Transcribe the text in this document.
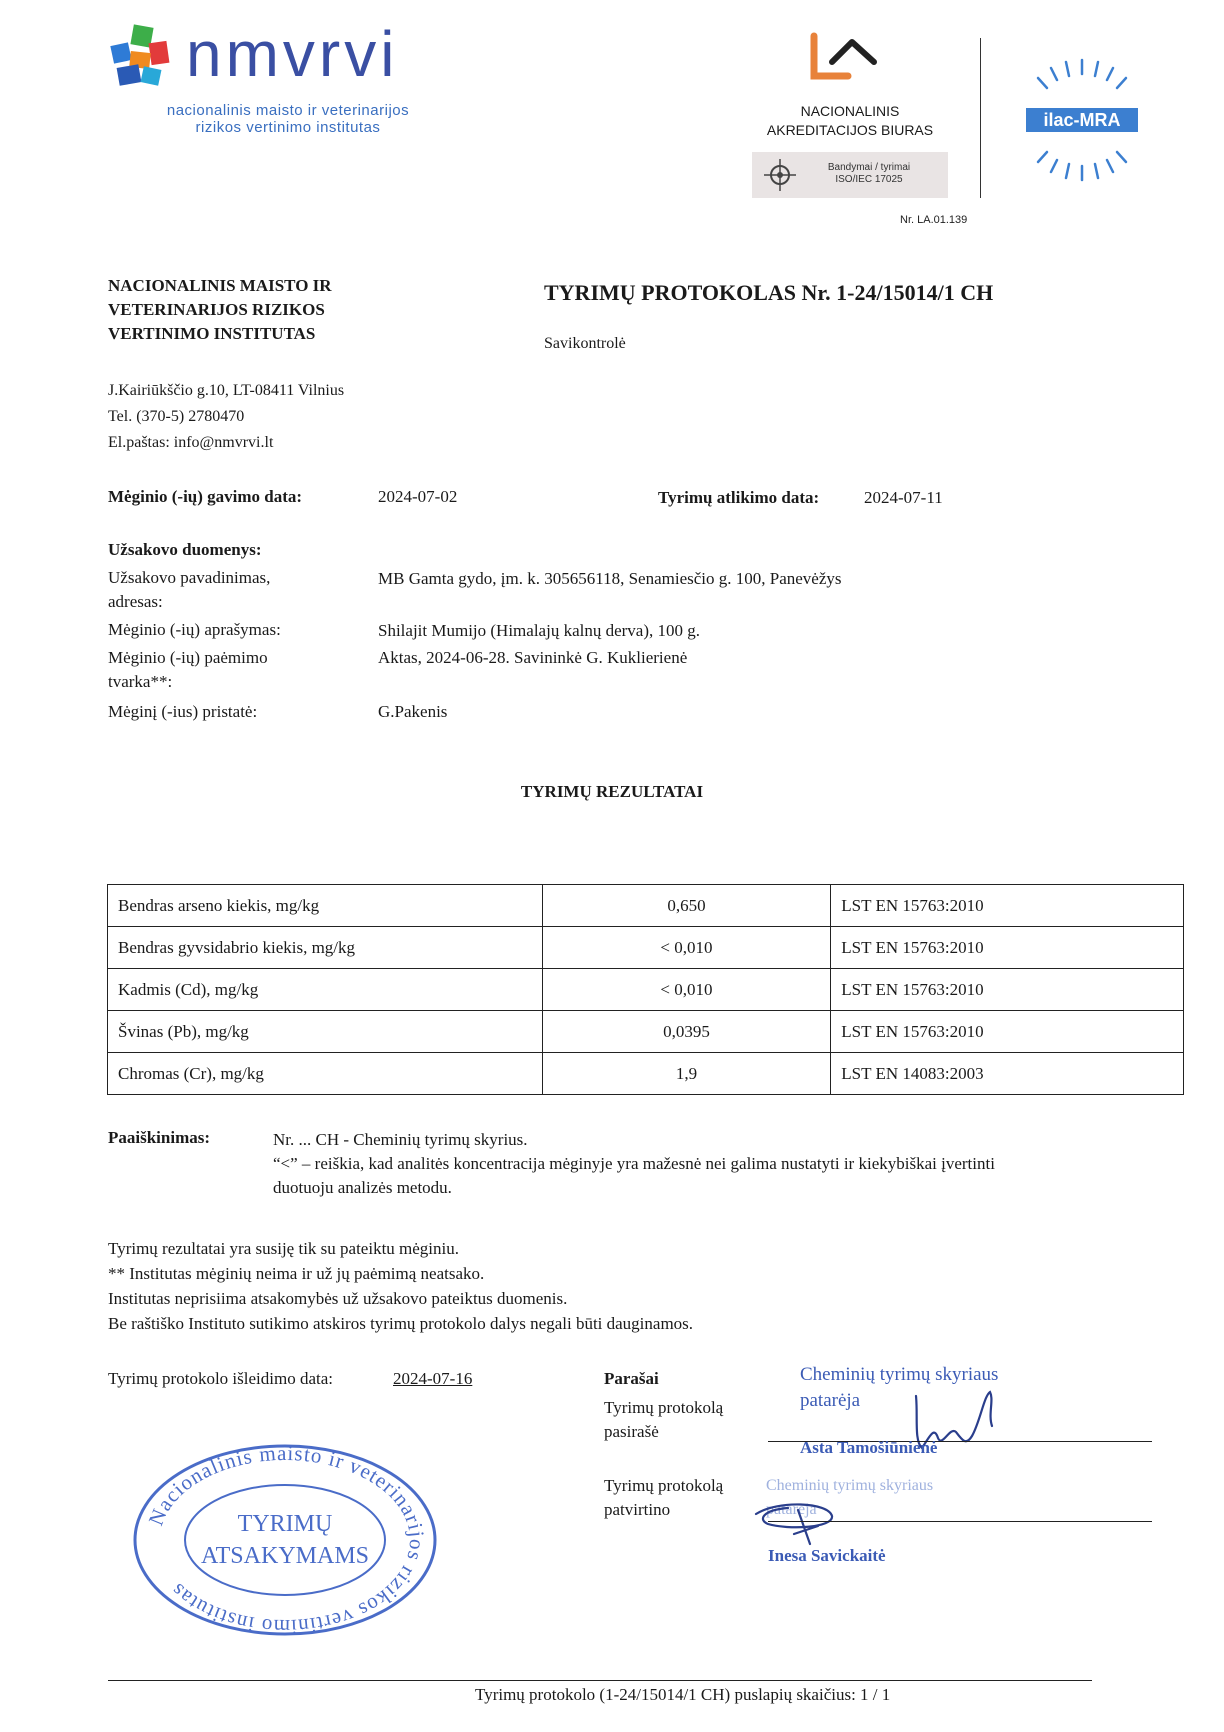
nmvrvi
nacionalinis maisto ir veterinarijos
rizikos vertinimo institutas
NACIONALINIS
AKREDITACIJOS BIURAS
Bandymai / tyrimai
ISO/IEC 17025
Nr. LA.01.139
ilac-MRA
NACIONALINIS MAISTO IR
VETERINARIJOS RIZIKOS
VERTINIMO INSTITUTAS
TYRIMŲ PROTOKOLAS Nr. 1-24/15014/1 CH
Savikontrolė
J.Kairiūkščio g.10, LT-08411 Vilnius
Tel. (370-5) 2780470
El.paštas: info@nmvrvi.lt
Mėginio (-ių) gavimo data:	2024-07-02	Tyrimų atlikimo data:	2024-07-11
Užsakovo duomenys:
Užsakovo pavadinimas,
adresas:
MB Gamta gydo, įm. k. 305656118, Senamiesčio g. 100, Panevėžys
Mėginio (-ių) aprašymas:	Shilajit Mumijo (Himalajų kalnų derva), 100 g.
Mėginio (-ių) paėmimo
tvarka**:
Aktas, 2024-06-28. Savininkė G. Kuklierienė
Mėginį (-ius) pristatė:	G.Pakenis
TYRIMŲ REZULTATAI
Bendras arseno kiekis, mg/kg	0,650	LST EN 15763:2010
Bendras gyvsidabrio kiekis, mg/kg	< 0,010	LST EN 15763:2010
Kadmis (Cd), mg/kg	< 0,010	LST EN 15763:2010
Švinas (Pb), mg/kg	0,0395	LST EN 15763:2010
Chromas (Cr), mg/kg	1,9	LST EN 14083:2003
Paaiškinimas:	Nr. ... CH - Cheminių tyrimų skyrius.
“<” – reiškia, kad analitės koncentracija mėginyje yra mažesnė nei galima nustatyti ir kiekybiškai įvertinti
duotuoju analizės metodu.
Tyrimų rezultatai yra susiję tik su pateiktu mėginiu.
** Institutas mėginių neima ir už jų paėmimą neatsako.
Institutas neprisiima atsakomybės už užsakovo pateiktus duomenis.
Be raštiško Instituto sutikimo atskiros tyrimų protokolo dalys negali būti dauginamos.
Tyrimų protokolo išleidimo data:	2024-07-16
Nacionalinis maisto ir veterinarijos rizikos vertinimo institutas
TYRIMŲ
ATSAKYMAMS
Parašai
Tyrimų protokolą
pasirašė
Cheminių tyrimų skyriaus
patarėja
Asta Tamošiūnienė
Tyrimų protokolą
patvirtino
Cheminių tyrimų skyriaus
patarėja
Inesa Savickaitė
Tyrimų protokolo (1-24/15014/1 CH) puslapių skaičius: 1 / 1
